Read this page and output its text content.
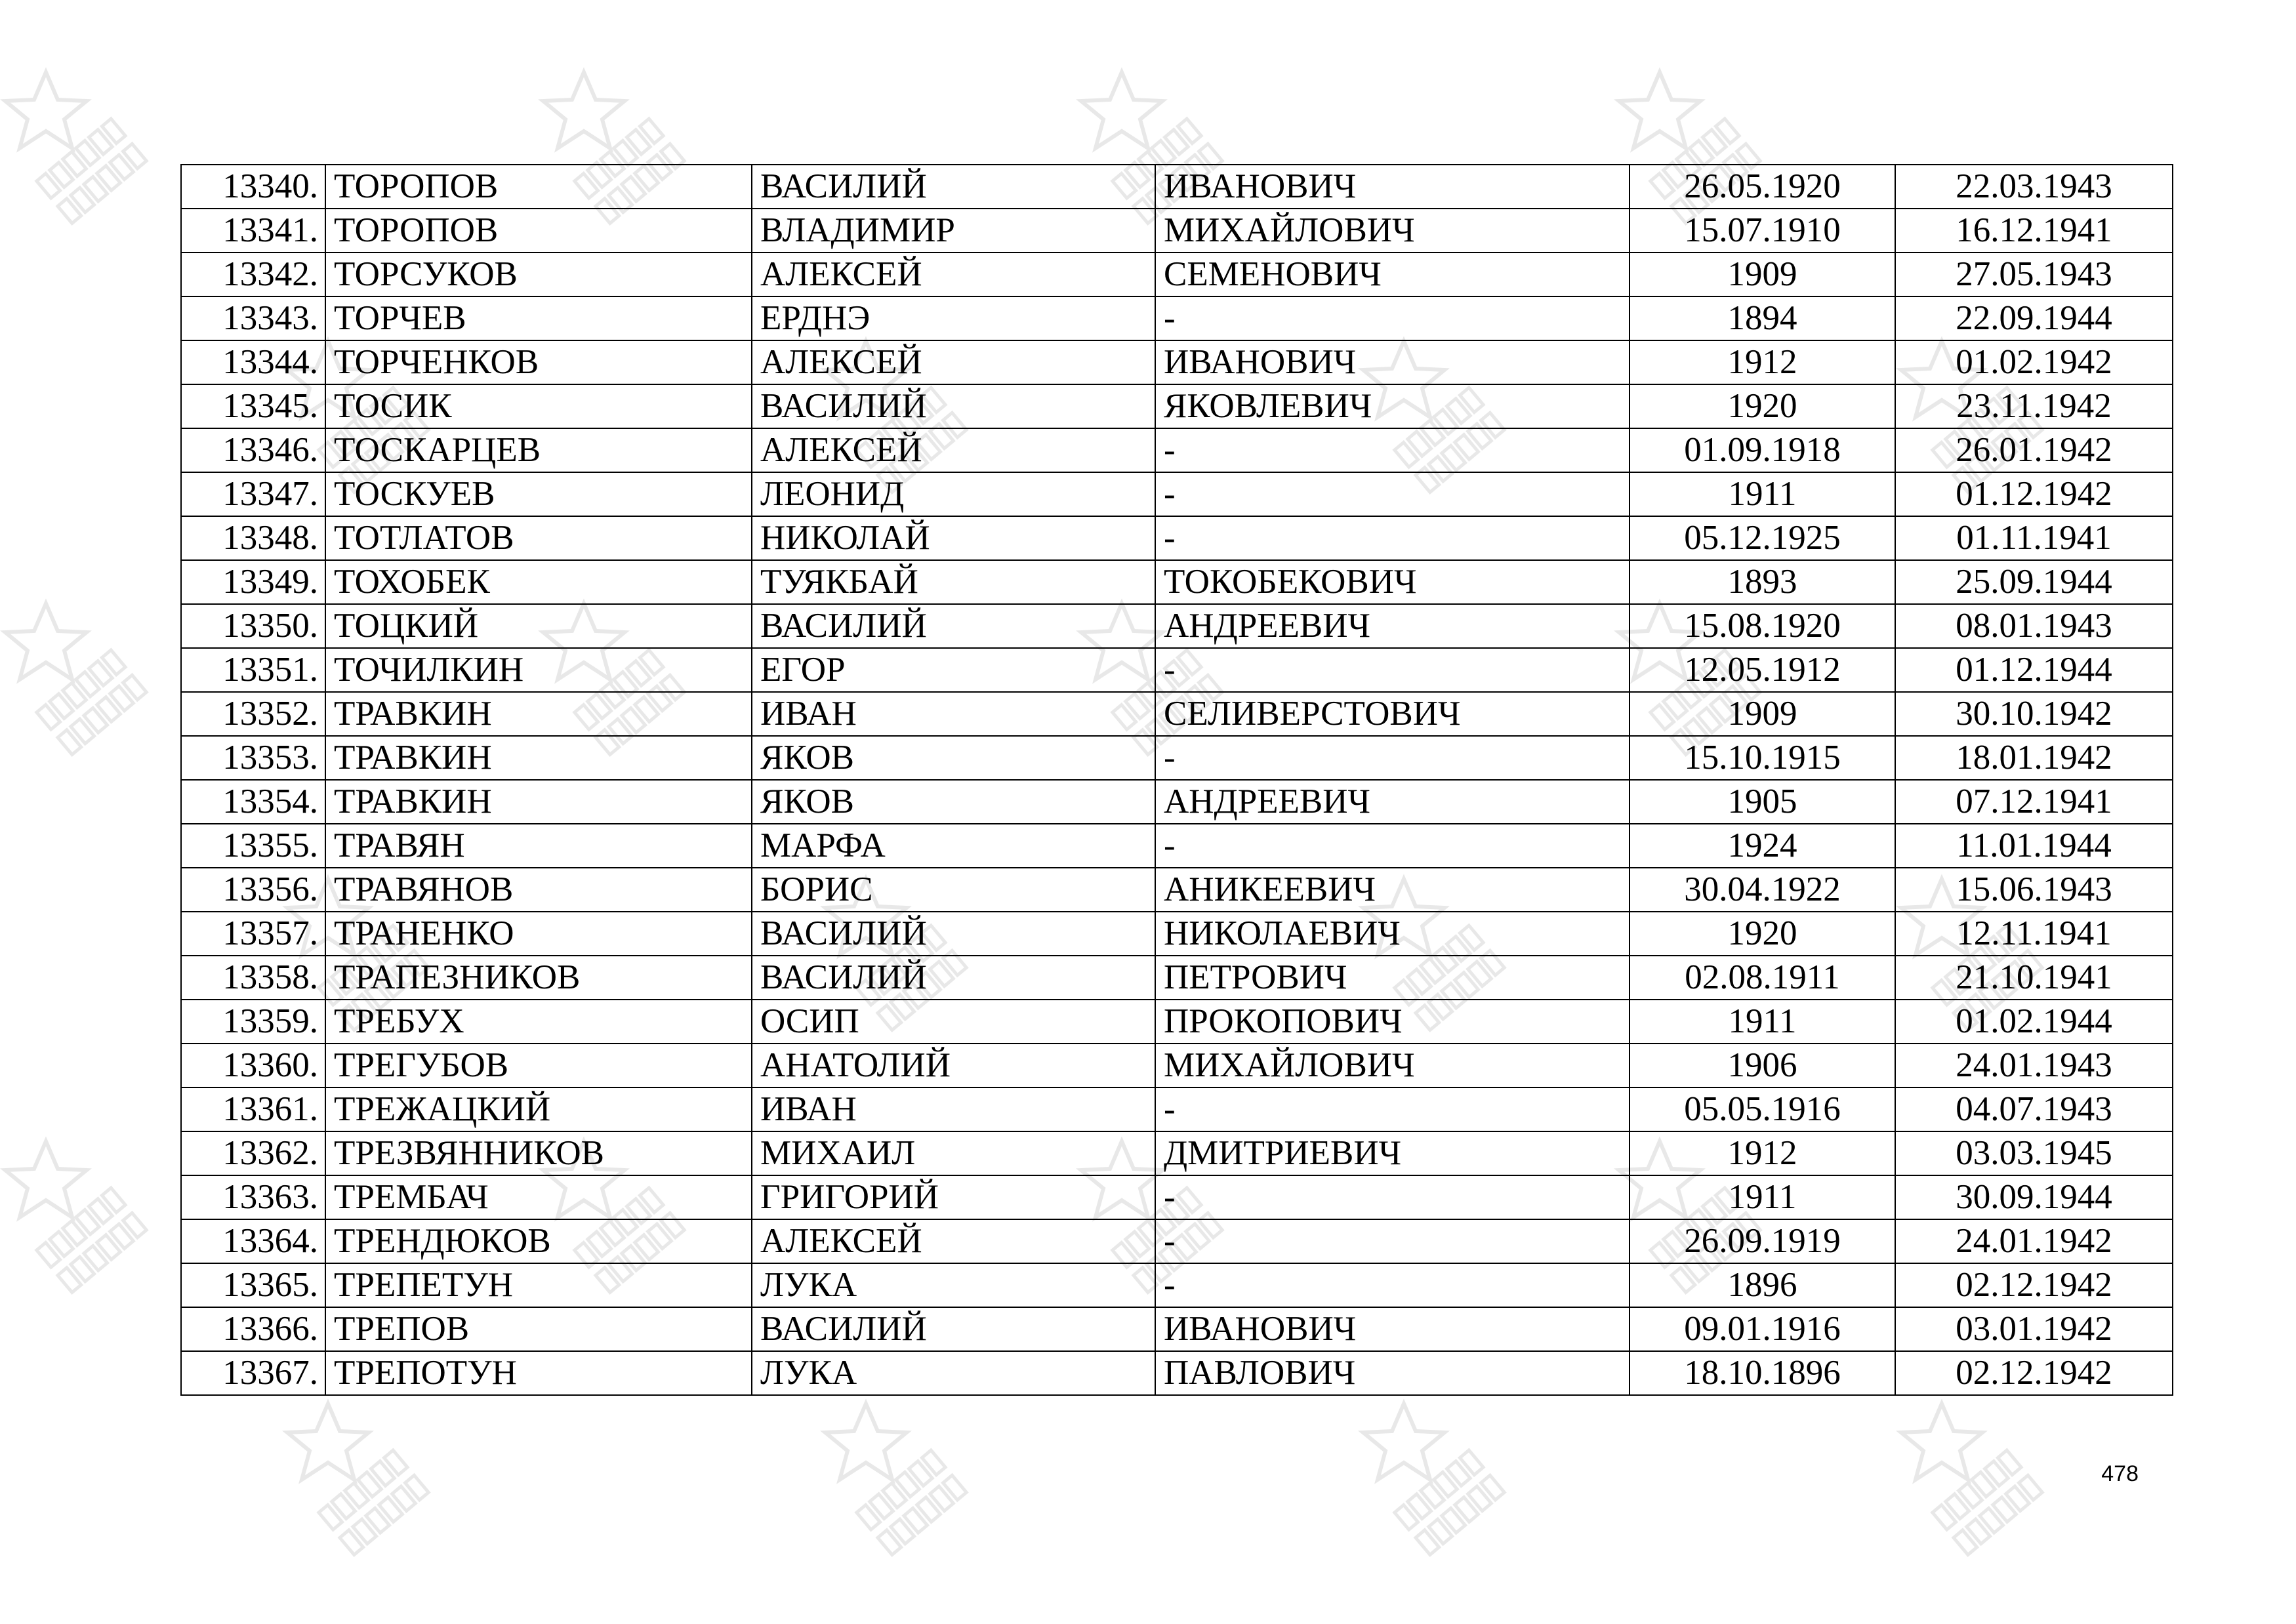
13340.	ТОРОПОВ	ВАСИЛИЙ	ИВАНОВИЧ	26.05.1920	22.03.1943
13341.	ТОРОПОВ	ВЛАДИМИР	МИХАЙЛОВИЧ	15.07.1910	16.12.1941
13342.	ТОРСУКОВ	АЛЕКСЕЙ	СЕМЕНОВИЧ	1909	27.05.1943
13343.	ТОРЧЕВ	ЕРДНЭ	-	1894	22.09.1944
13344.	ТОРЧЕНКОВ	АЛЕКСЕЙ	ИВАНОВИЧ	1912	01.02.1942
13345.	ТОСИК	ВАСИЛИЙ	ЯКОВЛЕВИЧ	1920	23.11.1942
13346.	ТОСКАРЦЕВ	АЛЕКСЕЙ	-	01.09.1918	26.01.1942
13347.	ТОСКУЕВ	ЛЕОНИД	-	1911	01.12.1942
13348.	ТОТЛАТОВ	НИКОЛАЙ	-	05.12.1925	01.11.1941
13349.	ТОХОБЕК	ТУЯКБАЙ	ТОКОБЕКОВИЧ	1893	25.09.1944
13350.	ТОЦКИЙ	ВАСИЛИЙ	АНДРЕЕВИЧ	15.08.1920	08.01.1943
13351.	ТОЧИЛКИН	ЕГОР	-	12.05.1912	01.12.1944
13352.	ТРАВКИН	ИВАН	СЕЛИВЕРСТОВИЧ	1909	30.10.1942
13353.	ТРАВКИН	ЯКОВ	-	15.10.1915	18.01.1942
13354.	ТРАВКИН	ЯКОВ	АНДРЕЕВИЧ	1905	07.12.1941
13355.	ТРАВЯН	МАРФА	-	1924	11.01.1944
13356.	ТРАВЯНОВ	БОРИС	АНИКЕЕВИЧ	30.04.1922	15.06.1943
13357.	ТРАНЕНКО	ВАСИЛИЙ	НИКОЛАЕВИЧ	1920	12.11.1941
13358.	ТРАПЕЗНИКОВ	ВАСИЛИЙ	ПЕТРОВИЧ	02.08.1911	21.10.1941
13359.	ТРЕБУХ	ОСИП	ПРОКОПОВИЧ	1911	01.02.1944
13360.	ТРЕГУБОВ	АНАТОЛИЙ	МИХАЙЛОВИЧ	1906	24.01.1943
13361.	ТРЕЖАЦКИЙ	ИВАН	-	05.05.1916	04.07.1943
13362.	ТРЕЗВЯННИКОВ	МИХАИЛ	ДМИТРИЕВИЧ	1912	03.03.1945
13363.	ТРЕМБАЧ	ГРИГОРИЙ	-	1911	30.09.1944
13364.	ТРЕНДЮКОВ	АЛЕКСЕЙ	-	26.09.1919	24.01.1942
13365.	ТРЕПЕТУН	ЛУКА	-	1896	02.12.1942
13366.	ТРЕПОВ	ВАСИЛИЙ	ИВАНОВИЧ	09.01.1916	03.01.1942
13367.	ТРЕПОТУН	ЛУКА	ПАВЛОВИЧ	18.10.1896	02.12.1942
478
